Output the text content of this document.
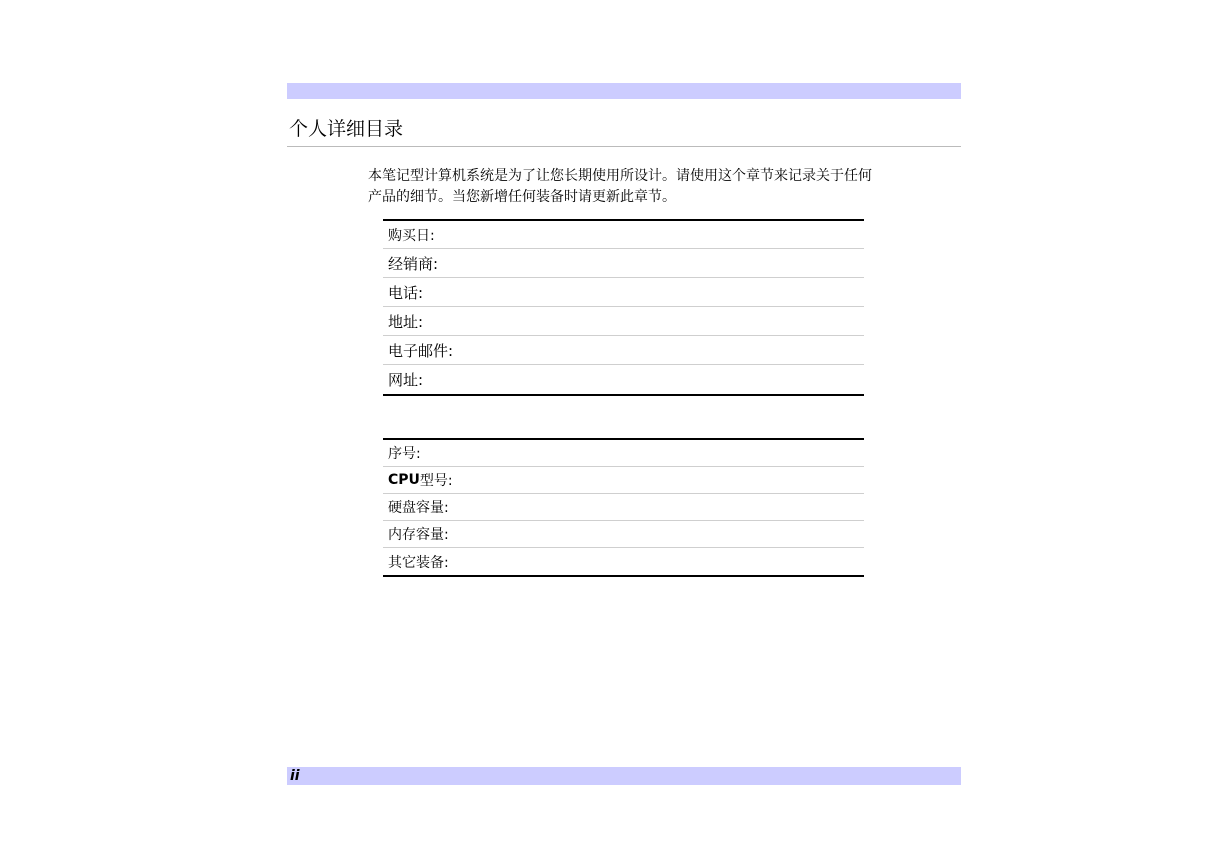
个人详细目录
本笔记型计算机系统是为了让您长期使用所设计。请使用这个章节来记录关于任何
产品的细节。当您新增任何装备时请更新此章节。
购买日:
经销商:
电话:
地址:
电子邮件:
网址:
序号:
CPU 型号:
硬盘容量:
内存容量:
其它装备:
ii
